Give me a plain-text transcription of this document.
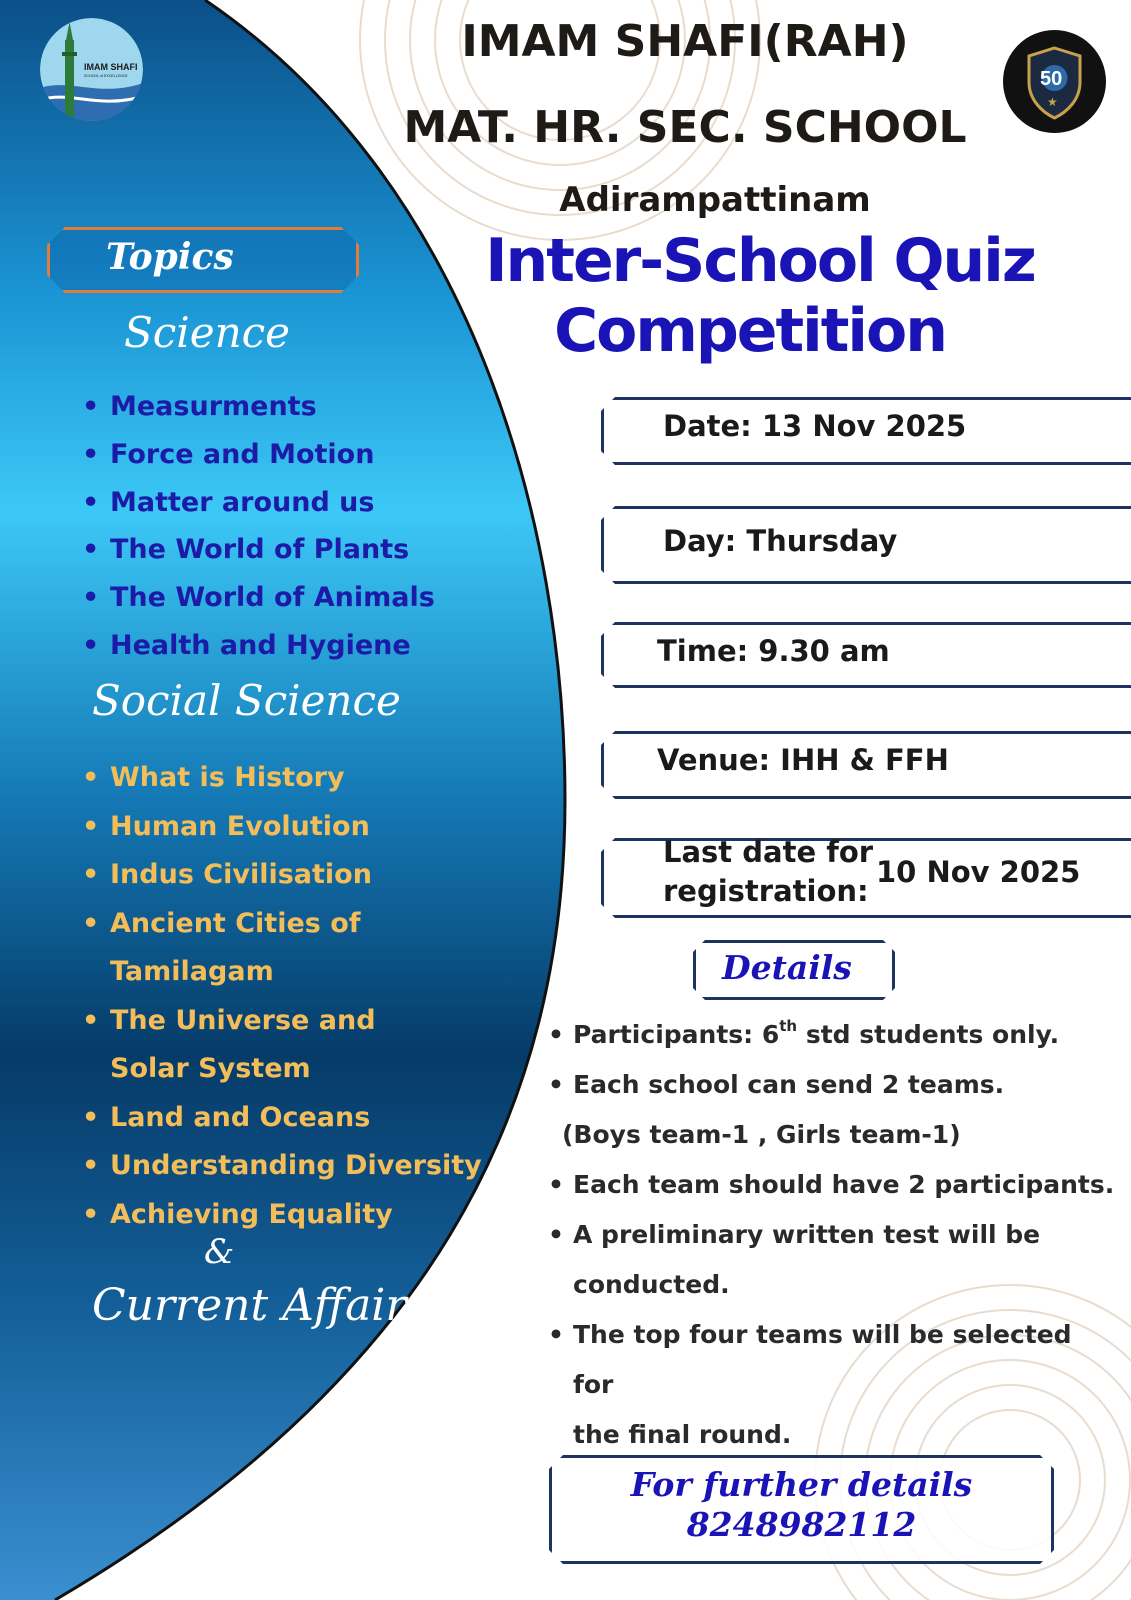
IMAM SHAFI
SCHOOL of EXCELLENCE	50
★
IMAM SHAFI(RAH)
MAT. HR. SEC. SCHOOL
Adirampattinam
Inter-School Quiz
Competition
Topics
Science
• Measurments
• Force and Motion
• Matter around us
• The World of Plants
• The World of Animals
• Health and Hygiene
Social Science
• What is History
• Human Evolution
• Indus Civilisation
• Ancient Cities of Tamilagam
• The Universe and Solar System
• Land and Oceans
• Understanding Diversity
• Achieving Equality
&
Current Affairs
Date: 13 Nov 2025
Day: Thursday
Time: 9.30 am
Venue: IHH & FFH
Last date for
registration:
10 Nov 2025
Details
• Participants: 6th std students only.
• Each school can send 2 teams.
(Boys team-1 , Girls team-1)
• Each team should have 2 participants.
• A preliminary written test will be
conducted.
• The top four teams will be selected for
the final round.
For further details
8248982112
